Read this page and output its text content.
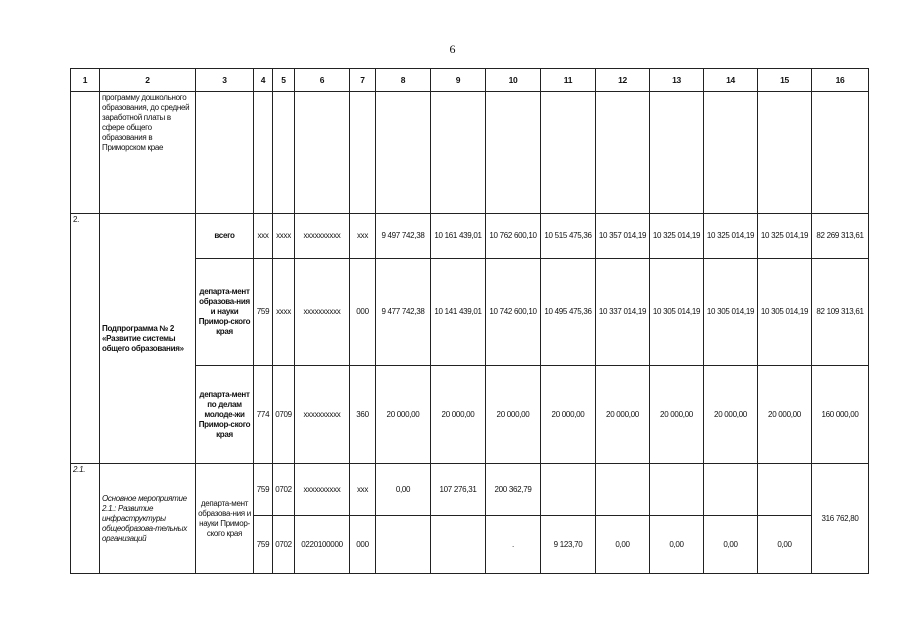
6
1	2	3	4	5	6	7	8	9	10	11	12	13	14	15	16
	программу дошкольного образования, до средней заработной платы в сфере общего образования в Приморском крае														
2.	Подпрограмма № 2 «Развитие системы общего образования»	всего	ххх	хххх	хххххххххх	ххх	9 497 742,38	10 161 439,01	10 762 600,10	10 515 475,36	10 357 014,19	10 325 014,19	10 325 014,19	10 325 014,19	82 269 313,61
		департа-мент образова-ния и науки Примор-ского края	759	хххх	хххххххххх	000	9 477 742,38	10 141 439,01	10 742 600,10	10 495 475,36	10 337 014,19	10 305 014,19	10 305 014,19	10 305 014,19	82 109 313,61
		департа-мент по делам молоде-жи Примор-ского края	774	0709	хххххххххх	360	20 000,00	20 000,00	20 000,00	20 000,00	20 000,00	20 000,00	20 000,00	20 000,00	160 000,00
2.1.	Основное мероприятие 2.1.: Развитие инфраструктуры общеобразова-тельных организаций	департа-мент образова-ния и науки Примор-ского края	759	0702	хххххххххх	ххх	0,00	107 276,31	200 362,79						316 762,80
			759	0702	0220100000	000			.	9 123,70	0,00	0,00	0,00	0,00	
